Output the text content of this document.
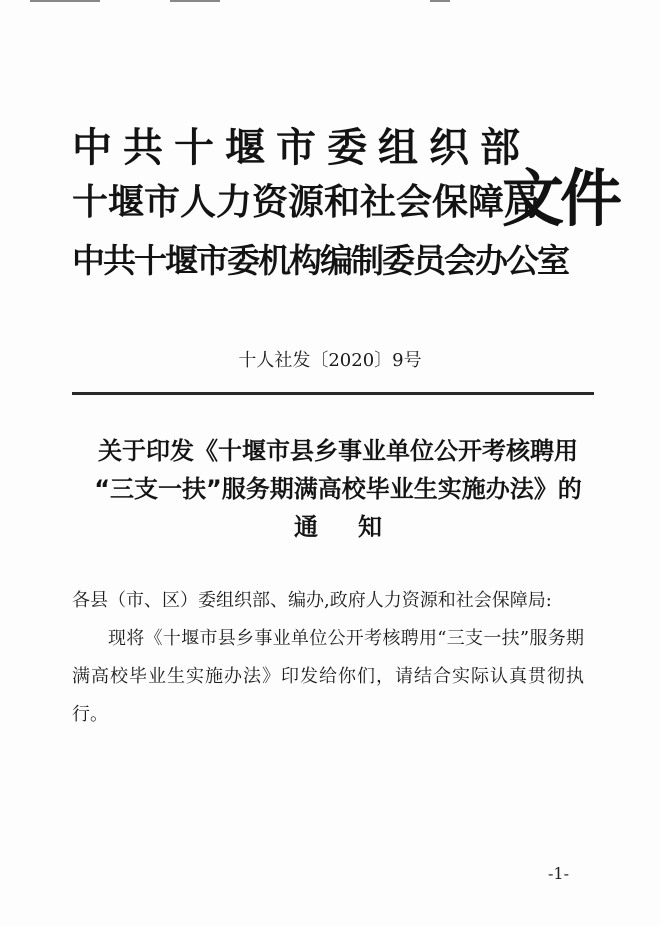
中共十堰市委组织部
十堰市人力资源和社会保障局
中共十堰市委机构编制委员会办公室
文件
十人社发〔2020〕9号
关于印发《十堰市县乡事业单位公开考核聘用
“三支一扶”服务期满高校毕业生实施办法》的
通知
各县（市、区）委组织部、编办,政府人力资源和社会保障局:
现将《十堰市县乡事业单位公开考核聘用“三支一扶”服务期满高校毕业生实施办法》印发给你们，请结合实际认真贯彻执行。
-1-
